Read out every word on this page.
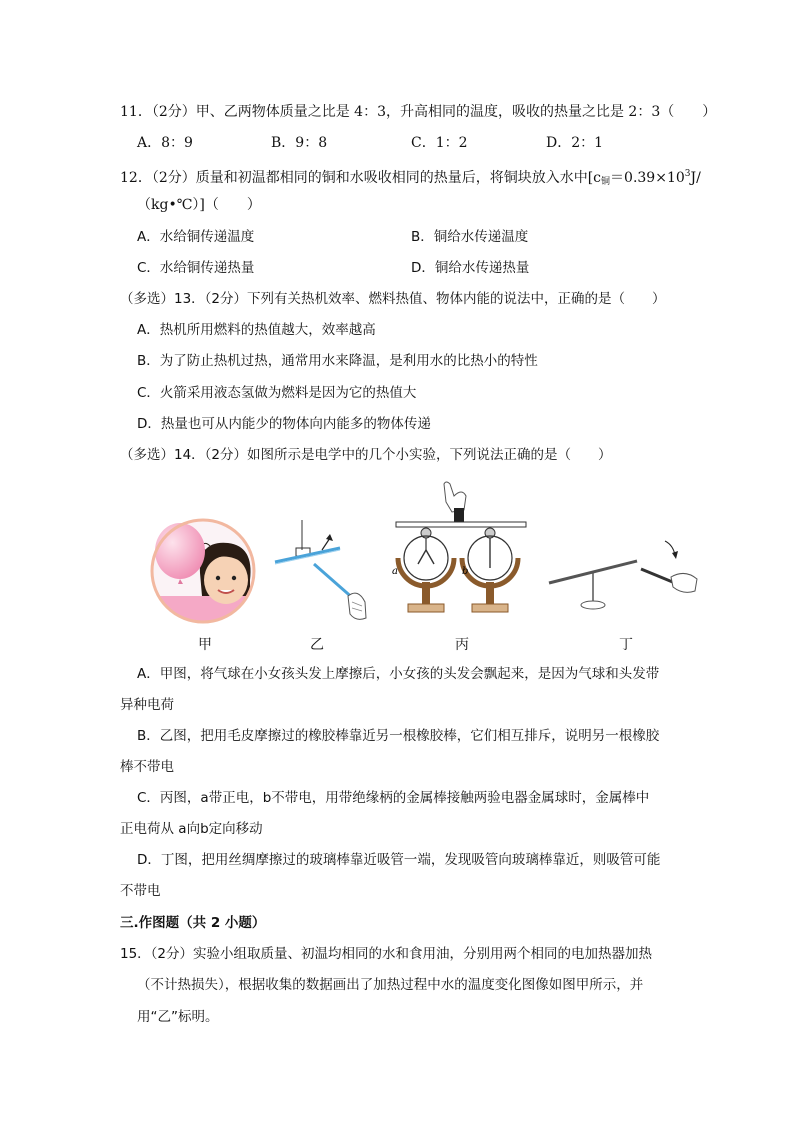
11．（2分）甲、乙两物体质量之比是 4：3，升高相同的温度，吸收的热量之比是 2：3（　　）
A．8：9	B．9：8	C．1：2	D．2：1
12．（2分）质量和初温都相同的铜和水吸收相同的热量后，将铜块放入水中[$c_铜=0.39\times 10^3J/$
（kg•℃）]（　　）
A．水给铜传递温度	B．铜给水传递温度
C．水给铜传递热量	D．铜给水传递热量
（多选）13．（2分）下列有关热机效率、燃料热值、物体内能的说法中，正确的是（　　）
A．热机所用燃料的热值越大，效率越高
B．为了防止热机过热，通常用水来降温，是利用水的比热小的特性
C．火箭采用液态氢做为燃料是因为它的热值大
D．热量也可从内能少的物体向内能多的物体传递
（多选）14．（2分）如图所示是电学中的几个小实验，下列说法正确的是（　　）
a	b
甲	乙	丙	丁
A．甲图，将气球在小女孩头发上摩擦后，小女孩的头发会飘起来，是因为气球和头发带
异种电荷
B．乙图，把用毛皮摩擦过的橡胶棒靠近另一根橡胶棒，它们相互排斥，说明另一根橡胶
棒不带电
C．丙图，a带正电，b不带电，用带绝缘柄的金属棒接触两验电器金属球时，金属棒中
正电荷从 a向b定向移动
D．丁图，把用丝绸摩擦过的玻璃棒靠近吸管一端，发现吸管向玻璃棒靠近，则吸管可能
不带电
三.作图题（共 2 小题）
15．（2分）实验小组取质量、初温均相同的水和食用油，分别用两个相同的电加热器加热
（不计热损失），根据收集的数据画出了加热过程中水的温度变化图像如图甲所示，并
用“乙”标明。
